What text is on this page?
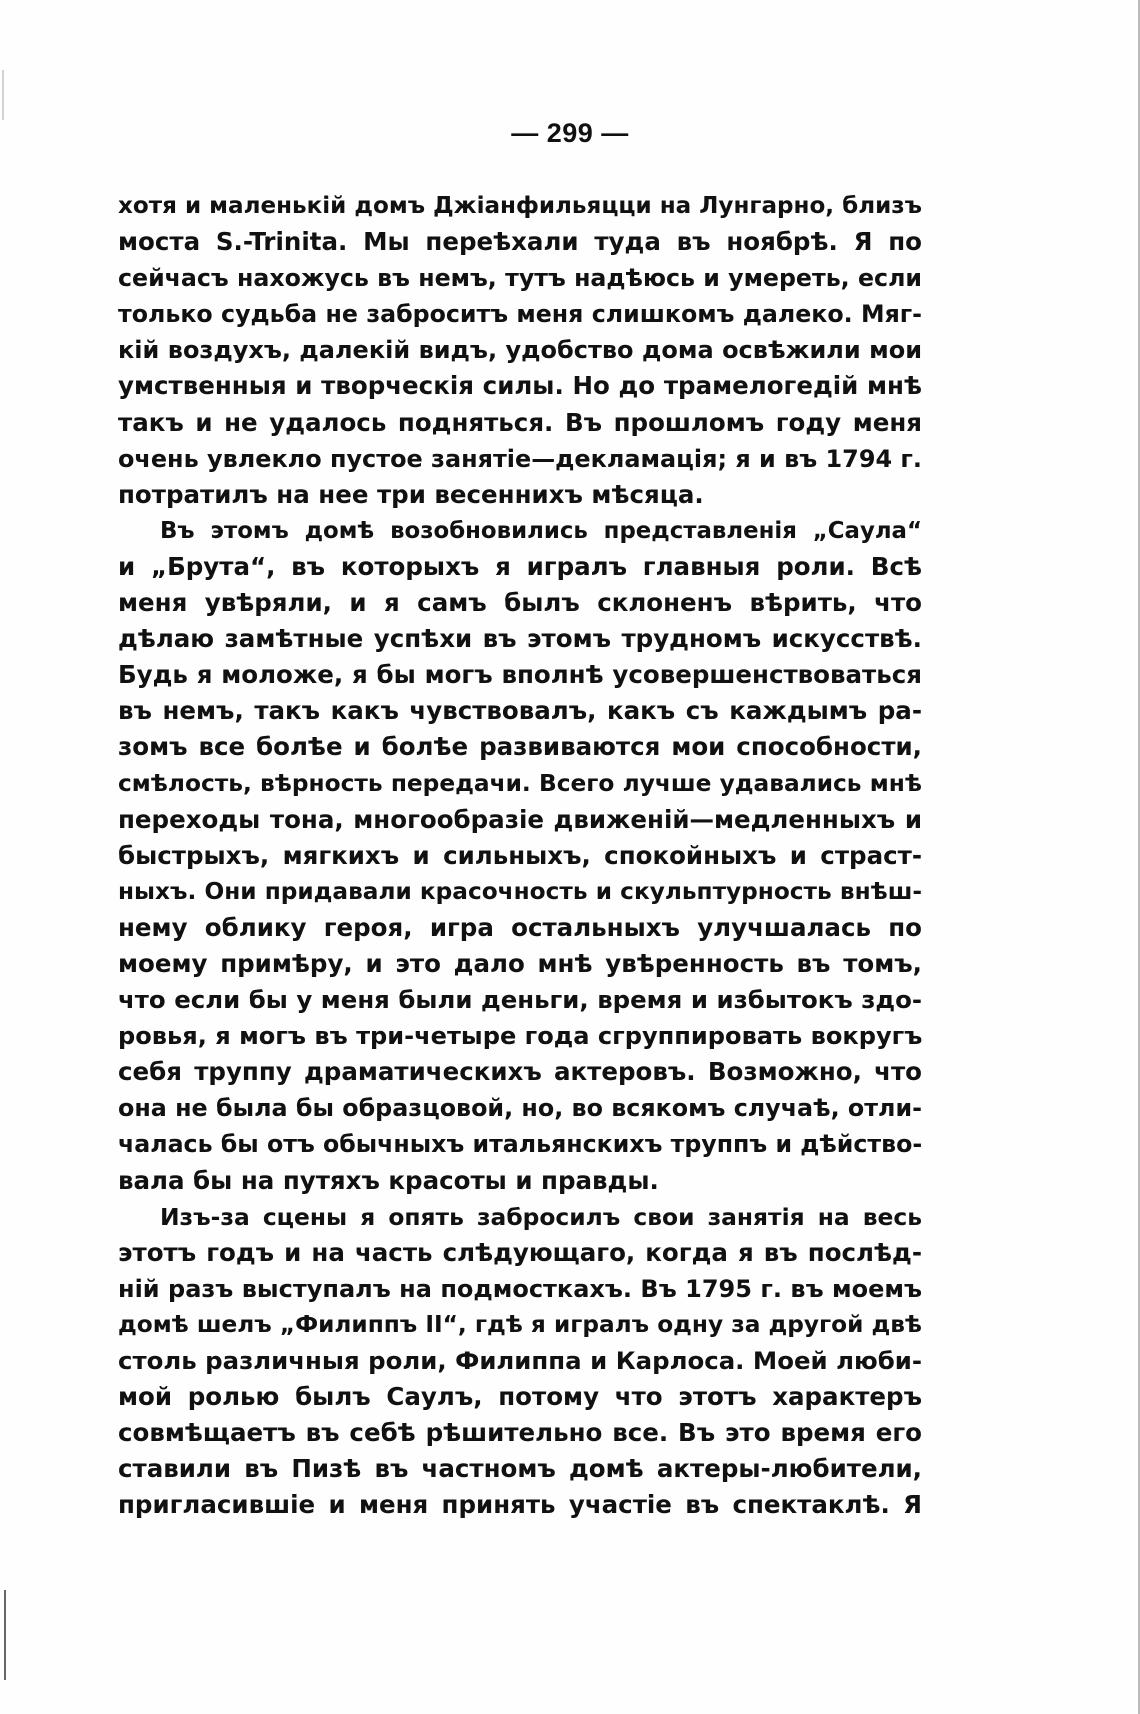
— 299 —

хотя и маленькій домъ Джіанфильяцци на Лунгарно, близъ
моста S.-Trinita. Мы переѣхали туда въ ноябрѣ. Я по
сейчасъ нахожусь въ немъ, тутъ надѣюсь и умереть, если
только судьба не заброситъ меня слишкомъ далеко. Мяг-
кій воздухъ, далекій видъ, удобство дома освѣжили мои
умственныя и творческія силы. Но до трамелогедій мнѣ
такъ и не удалось подняться. Въ прошломъ году меня
очень увлекло пустое занятіе—декламація; я и въ 1794 г.
потратилъ на нее три весеннихъ мѣсяца.

Въ этомъ домѣ возобновились представленія „Саула“
и „Брута“, въ которыхъ я игралъ главныя роли. Всѣ
меня увѣряли, и я самъ былъ склоненъ вѣрить, что
дѣлаю замѣтные успѣхи въ этомъ трудномъ искусствѣ.
Будь я моложе, я бы могъ вполнѣ усовершенствоваться
въ немъ, такъ какъ чувствовалъ, какъ съ каждымъ ра-
зомъ все болѣе и болѣе развиваются мои способности,
смѣлость, вѣрность передачи. Всего лучше удавались мнѣ
переходы тона, многообразіе движеній—медленныхъ и
быстрыхъ, мягкихъ и сильныхъ, спокойныхъ и страст-
ныхъ. Они придавали красочность и скульптурность внѣш-
нему облику героя, игра остальныхъ улучшалась по
моему примѣру, и это дало мнѣ увѣренность въ томъ,
что если бы у меня были деньги, время и избытокъ здо-
ровья, я могъ въ три-четыре года сгруппировать вокругъ
себя труппу драматическихъ актеровъ. Возможно, что
она не была бы образцовой, но, во всякомъ случаѣ, отли-
чалась бы отъ обычныхъ итальянскихъ труппъ и дѣйство-
вала бы на путяхъ красоты и правды.

Изъ-за сцены я опять забросилъ свои занятія на весь
этотъ годъ и на часть слѣдующаго, когда я въ послѣд-
ній разъ выступалъ на подмосткахъ. Въ 1795 г. въ моемъ
домѣ шелъ „Филиппъ II“, гдѣ я игралъ одну за другой двѣ
столь различныя роли, Филиппа и Карлоса. Моей люби-
мой ролью былъ Саулъ, потому что этотъ характеръ
совмѣщаетъ въ себѣ рѣшительно все. Въ это время его
ставили въ Пизѣ въ частномъ домѣ актеры-любители,
пригласившіе и меня принять участіе въ спектаклѣ. Я
